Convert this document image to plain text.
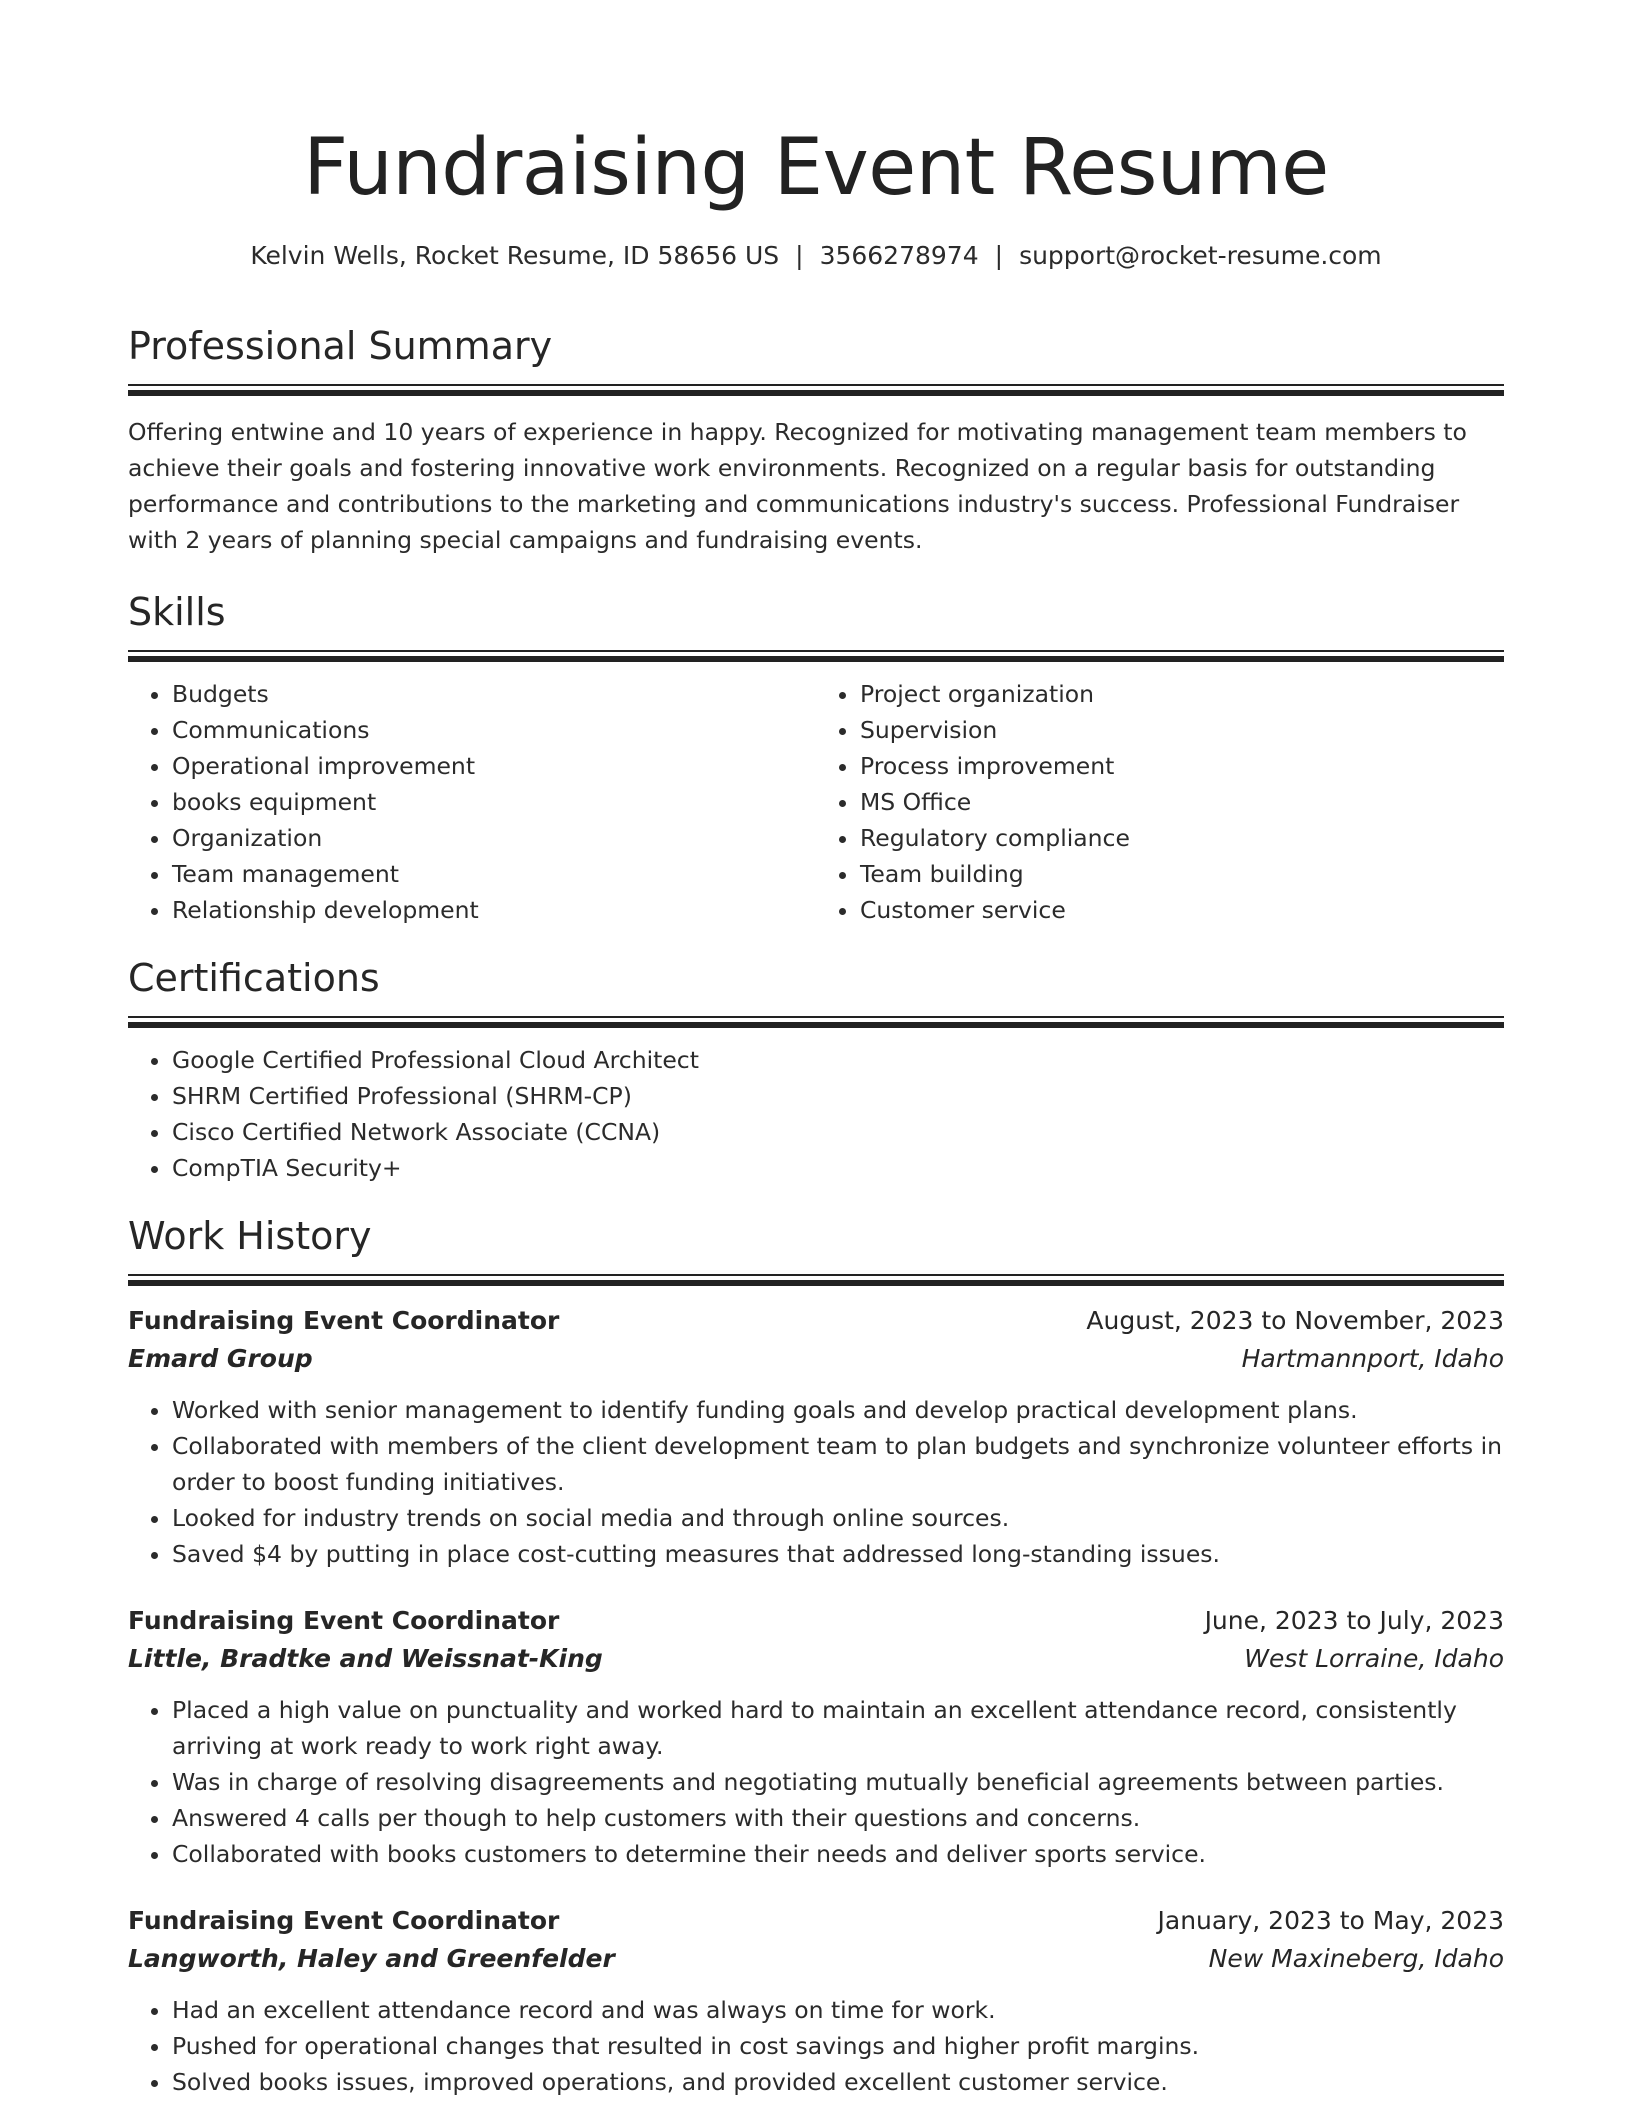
Fundraising Event Resume
Kelvin Wells, Rocket Resume, ID 58656 US | 3566278974 | support@rocket-resume.com
Professional Summary

Offering entwine and 10 years of experience in happy. Recognized for motivating management team members to achieve their goals and fostering innovative work environments. Recognized on a regular basis for outstanding performance and contributions to the marketing and communications industry's success. Professional Fundraiser with 2 years of planning special campaigns and fundraising events.

Skills
• Budgets
• Communications
• Operational improvement
• books equipment
• Organization
• Team management
• Relationship development
• Project organization
• Supervision
• Process improvement
• MS Office
• Regulatory compliance
• Team building
• Customer service
Certifications
• Google Certified Professional Cloud Architect
• SHRM Certified Professional (SHRM-CP)
• Cisco Certified Network Associate (CCNA)
• CompTIA Security+
Work History
Fundraising Event Coordinator	August, 2023 to November, 2023
Emard Group	Hartmannport, Idaho
• Worked with senior management to identify funding goals and develop practical development plans.
• Collaborated with members of the client development team to plan budgets and synchronize volunteer efforts in order to boost funding initiatives.
• Looked for industry trends on social media and through online sources.
• Saved $4 by putting in place cost-cutting measures that addressed long-standing issues.
Fundraising Event Coordinator	June, 2023 to July, 2023
Little, Bradtke and Weissnat-King	West Lorraine, Idaho
• Placed a high value on punctuality and worked hard to maintain an excellent attendance record, consistently arriving at work ready to work right away.
• Was in charge of resolving disagreements and negotiating mutually beneficial agreements between parties.
• Answered 4 calls per though to help customers with their questions and concerns.
• Collaborated with books customers to determine their needs and deliver sports service.
Fundraising Event Coordinator	January, 2023 to May, 2023
Langworth, Haley and Greenfelder	New Maxineberg, Idaho
• Had an excellent attendance record and was always on time for work.
• Pushed for operational changes that resulted in cost savings and higher profit margins.
• Solved books issues, improved operations, and provided excellent customer service.
